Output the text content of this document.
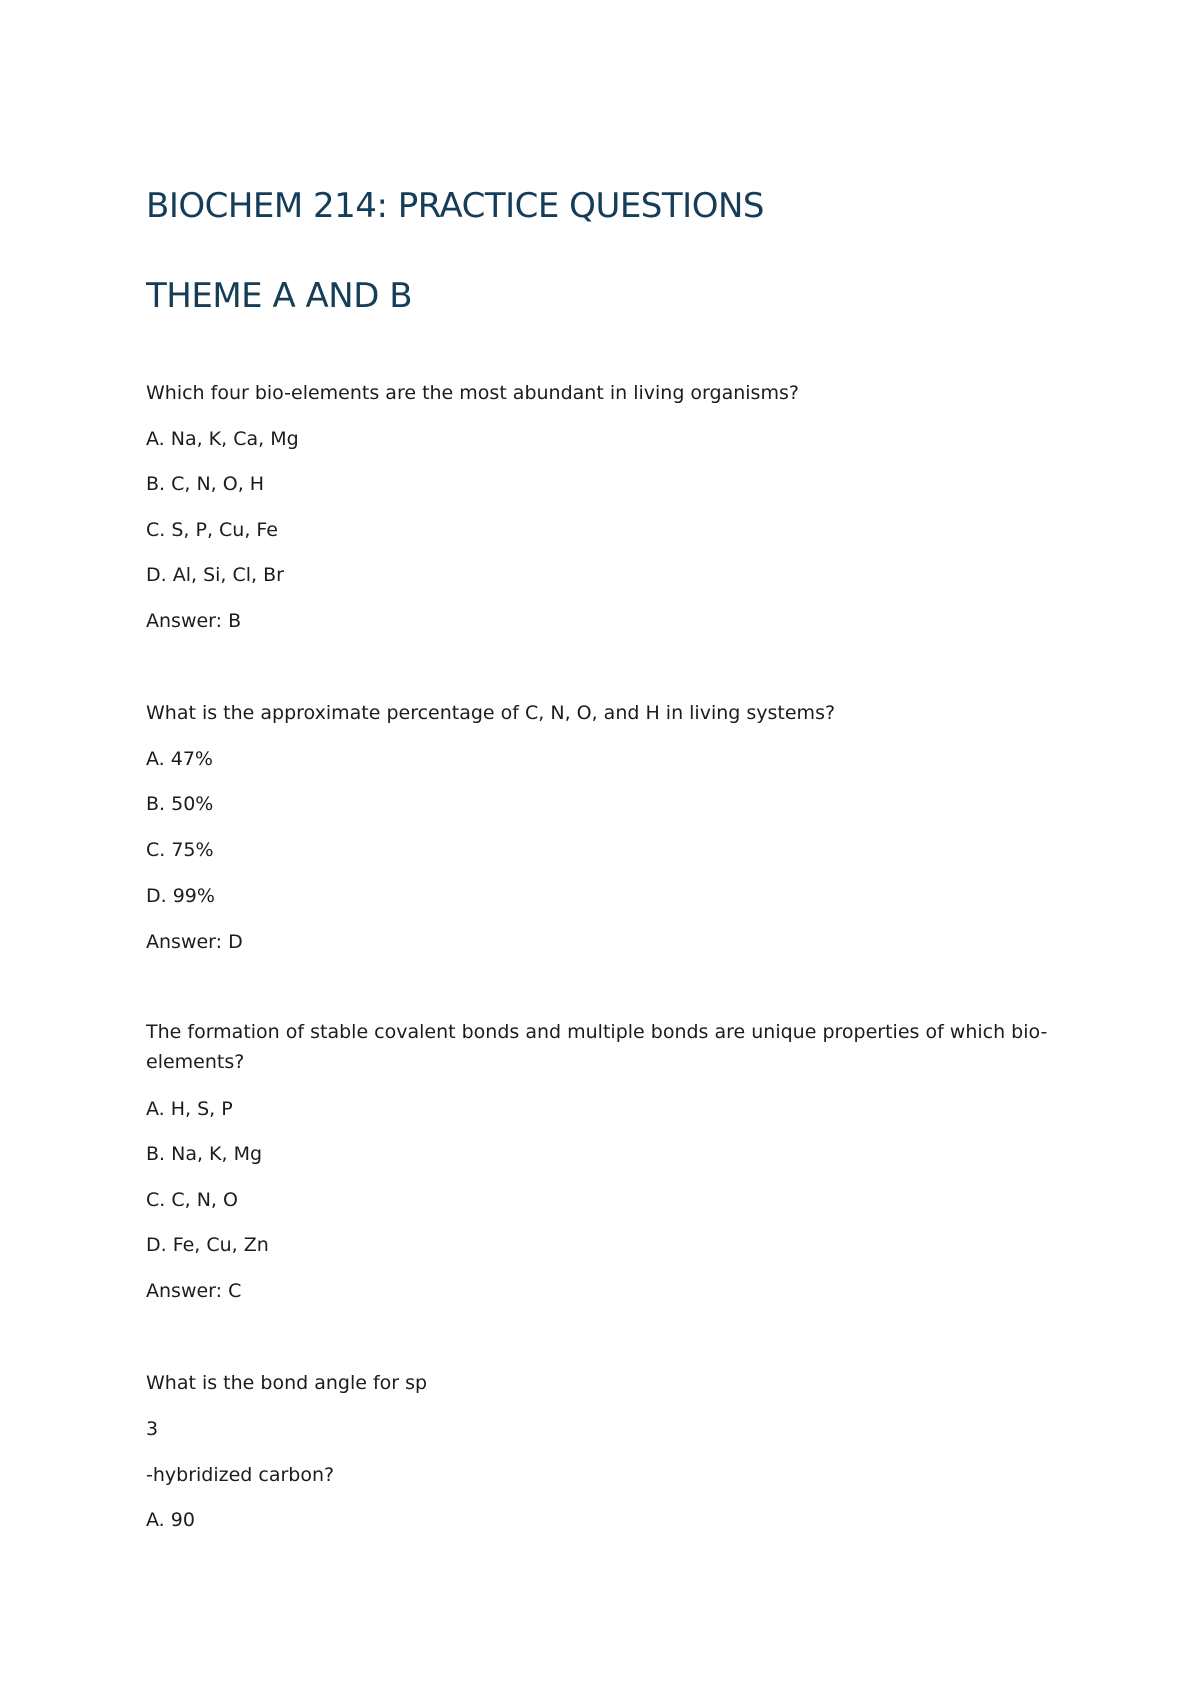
BIOCHEM 214: PRACTICE QUESTIONS
THEME A AND B

Which four bio-elements are the most abundant in living organisms?

A. Na, K, Ca, Mg

B. C, N, O, H

C. S, P, Cu, Fe

D. Al, Si, Cl, Br

Answer: B

What is the approximate percentage of C, N, O, and H in living systems?

A. 47%

B. 50%

C. 75%

D. 99%

Answer: D

The formation of stable covalent bonds and multiple bonds are unique properties of which bio-elements?

A. H, S, P

B. Na, K, Mg

C. C, N, O

D. Fe, Cu, Zn

Answer: C

What is the bond angle for sp

3

-hybridized carbon?

A. 90
